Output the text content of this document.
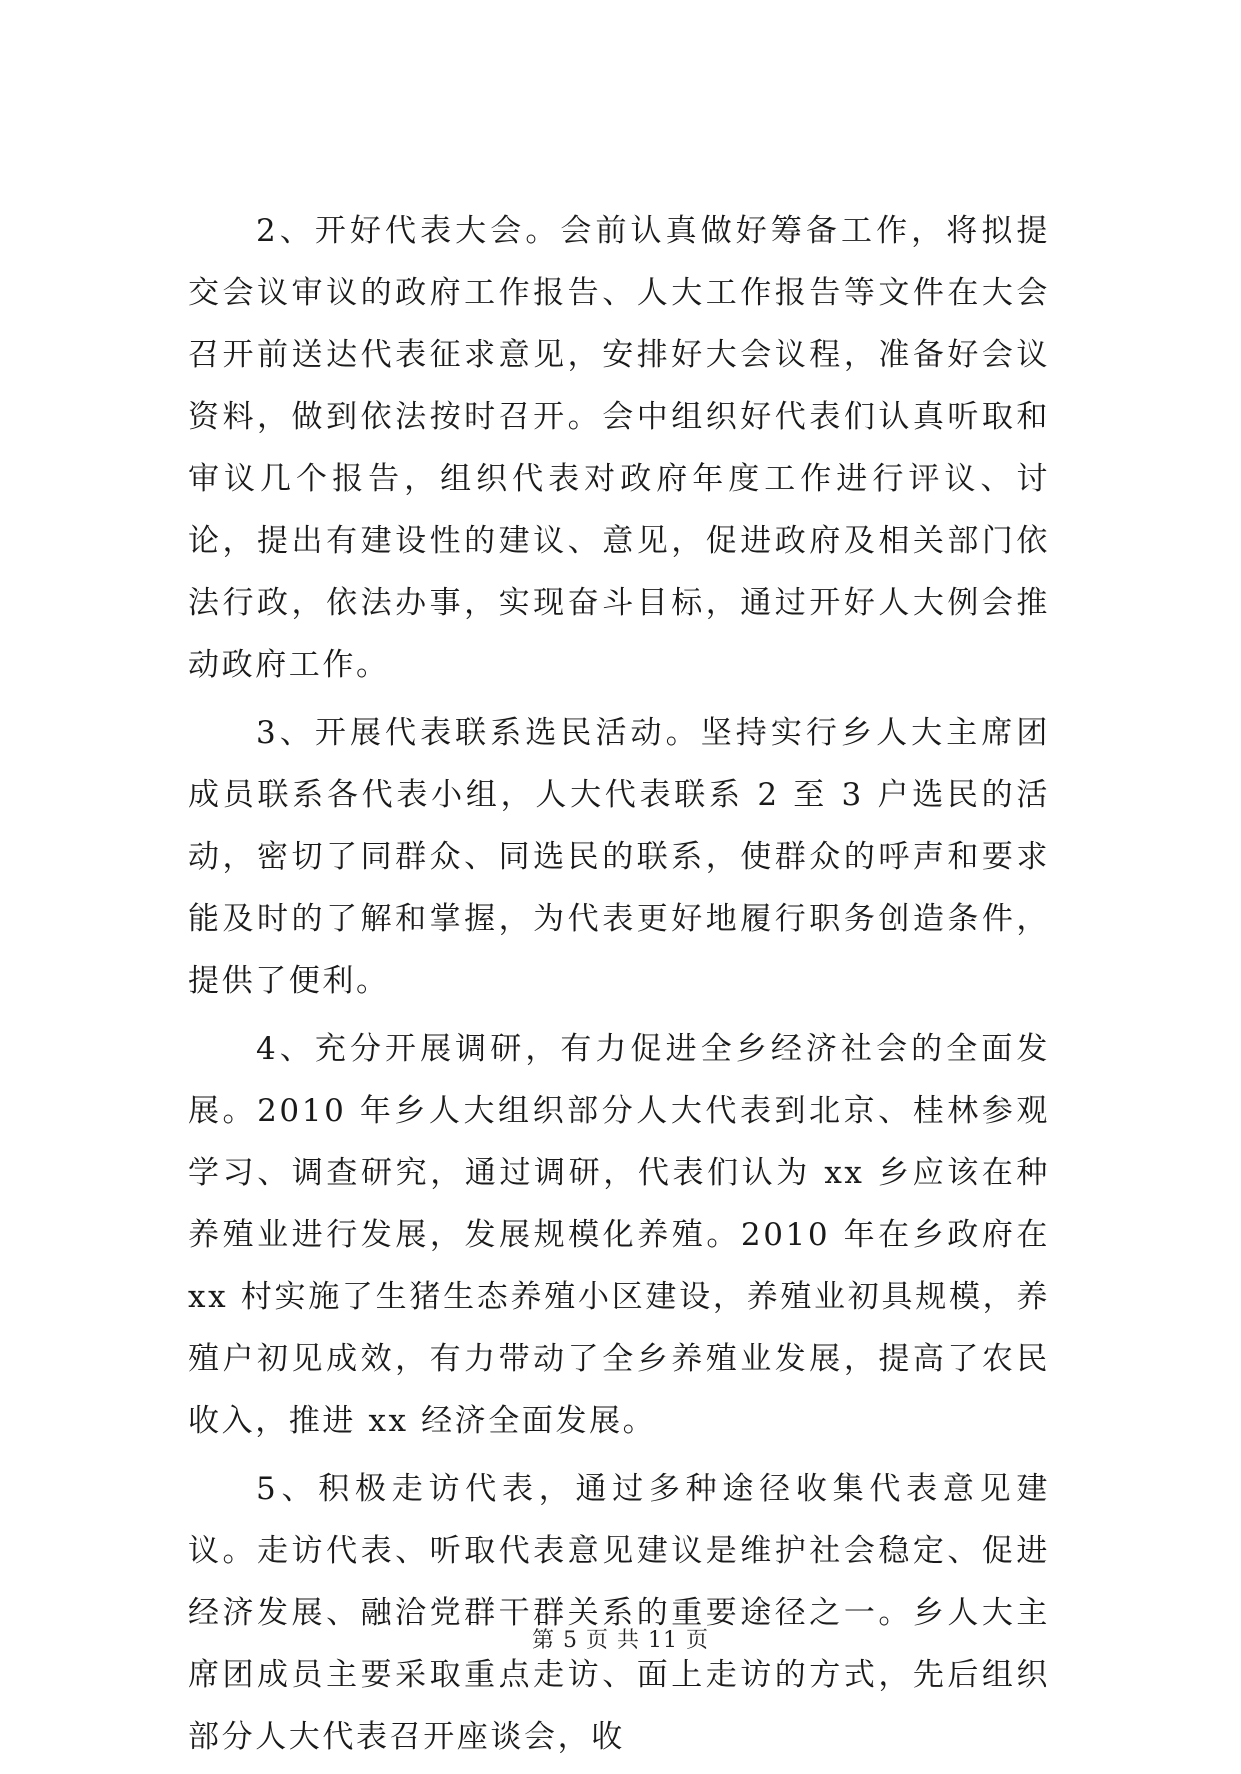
2、开好代表大会。会前认真做好筹备工作，将拟提交会议审议的政府工作报告、人大工作报告等文件在大会召开前送达代表征求意见，安排好大会议程，准备好会议资料，做到依法按时召开。会中组织好代表们认真听取和审议几个报告，组织代表对政府年度工作进行评议、讨论，提出有建设性的建议、意见，促进政府及相关部门依法行政，依法办事，实现奋斗目标，通过开好人大例会推动政府工作。

3、开展代表联系选民活动。坚持实行乡人大主席团成员联系各代表小组，人大代表联系 2 至 3 户选民的活动，密切了同群众、同选民的联系，使群众的呼声和要求能及时的了解和掌握，为代表更好地履行职务创造条件，提供了便利。

4、充分开展调研，有力促进全乡经济社会的全面发展。2010 年乡人大组织部分人大代表到北京、桂林参观学习、调查研究，通过调研，代表们认为 xx 乡应该在种养殖业进行发展，发展规模化养殖。2010 年在乡政府在 xx 村实施了生猪生态养殖小区建设，养殖业初具规模，养殖户初见成效，有力带动了全乡养殖业发展，提高了农民收入，推进 xx 经济全面发展。

5、积极走访代表，通过多种途径收集代表意见建议。走访代表、听取代表意见建议是维护社会稳定、促进经济发展、融洽党群干群关系的重要途径之一。乡人大主席团成员主要采取重点走访、面上走访的方式，先后组织部分人大代表召开座谈会，收

第 5 页 共 11 页
